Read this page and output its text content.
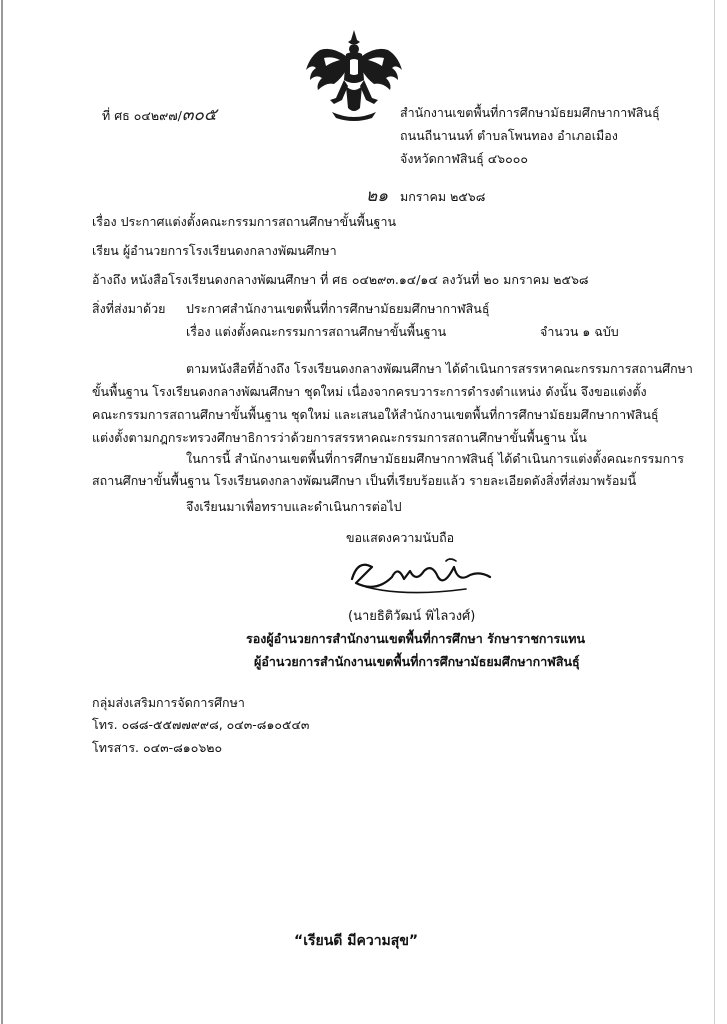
ที่ ศธ ๐๔๒๙๗/๓๐๕	สำนักงานเขตพื้นที่การศึกษามัธยมศึกษากาฬสินธุ์
ถนนถีนานนท์ ตำบลโพนทอง อำเภอเมือง
จังหวัดกาฬสินธุ์ ๔๖๐๐๐
๒๑ มกราคม ๒๕๖๘
เรื่อง ประกาศแต่งตั้งคณะกรรมการสถานศึกษาขั้นพื้นฐาน
เรียน ผู้อำนวยการโรงเรียนดงกลางพัฒนศึกษา
อ้างถึง หนังสือโรงเรียนดงกลางพัฒนศึกษา ที่ ศธ ๐๔๒๙๓.๑๔/๑๔ ลงวันที่ ๒๐ มกราคม ๒๕๖๘
สิ่งที่ส่งมาด้วย ประกาศสำนักงานเขตพื้นที่การศึกษามัธยมศึกษากาฬสินธุ์
เรื่อง แต่งตั้งคณะกรรมการสถานศึกษาขั้นพื้นฐาน	จำนวน ๑ ฉบับ
ตามหนังสือที่อ้างถึง โรงเรียนดงกลางพัฒนศึกษา ได้ดำเนินการสรรหาคณะกรรมการสถานศึกษา
ขั้นพื้นฐาน โรงเรียนดงกลางพัฒนศึกษา ชุดใหม่ เนื่องจากครบวาระการดำรงตำแหน่ง ดังนั้น จึงขอแต่งตั้ง
คณะกรรมการสถานศึกษาขั้นพื้นฐาน ชุดใหม่ และเสนอให้สำนักงานเขตพื้นที่การศึกษามัธยมศึกษากาฬสินธุ์
แต่งตั้งตามกฎกระทรวงศึกษาธิการว่าด้วยการสรรหาคณะกรรมการสถานศึกษาขั้นพื้นฐาน นั้น
ในการนี้ สำนักงานเขตพื้นที่การศึกษามัธยมศึกษากาฬสินธุ์ ได้ดำเนินการแต่งตั้งคณะกรรมการ
สถานศึกษาขั้นพื้นฐาน โรงเรียนดงกลางพัฒนศึกษา เป็นที่เรียบร้อยแล้ว รายละเอียดดังสิ่งที่ส่งมาพร้อมนี้
จึงเรียนมาเพื่อทราบและดำเนินการต่อไป
ขอแสดงความนับถือ
(นายธิติวัฒน์ พิไลวงศ์)
รองผู้อำนวยการสำนักงานเขตพื้นที่การศึกษา รักษาราชการแทน
ผู้อำนวยการสำนักงานเขตพื้นที่การศึกษามัธยมศึกษากาฬสินธุ์
กลุ่มส่งเสริมการจัดการศึกษา
โทร. ๐๘๘-๕๕๗๗๙๙๘, ๐๔๓-๘๑๐๕๔๓
โทรสาร. ๐๔๓-๘๑๐๖๒๐
“เรียนดี มีความสุข”
